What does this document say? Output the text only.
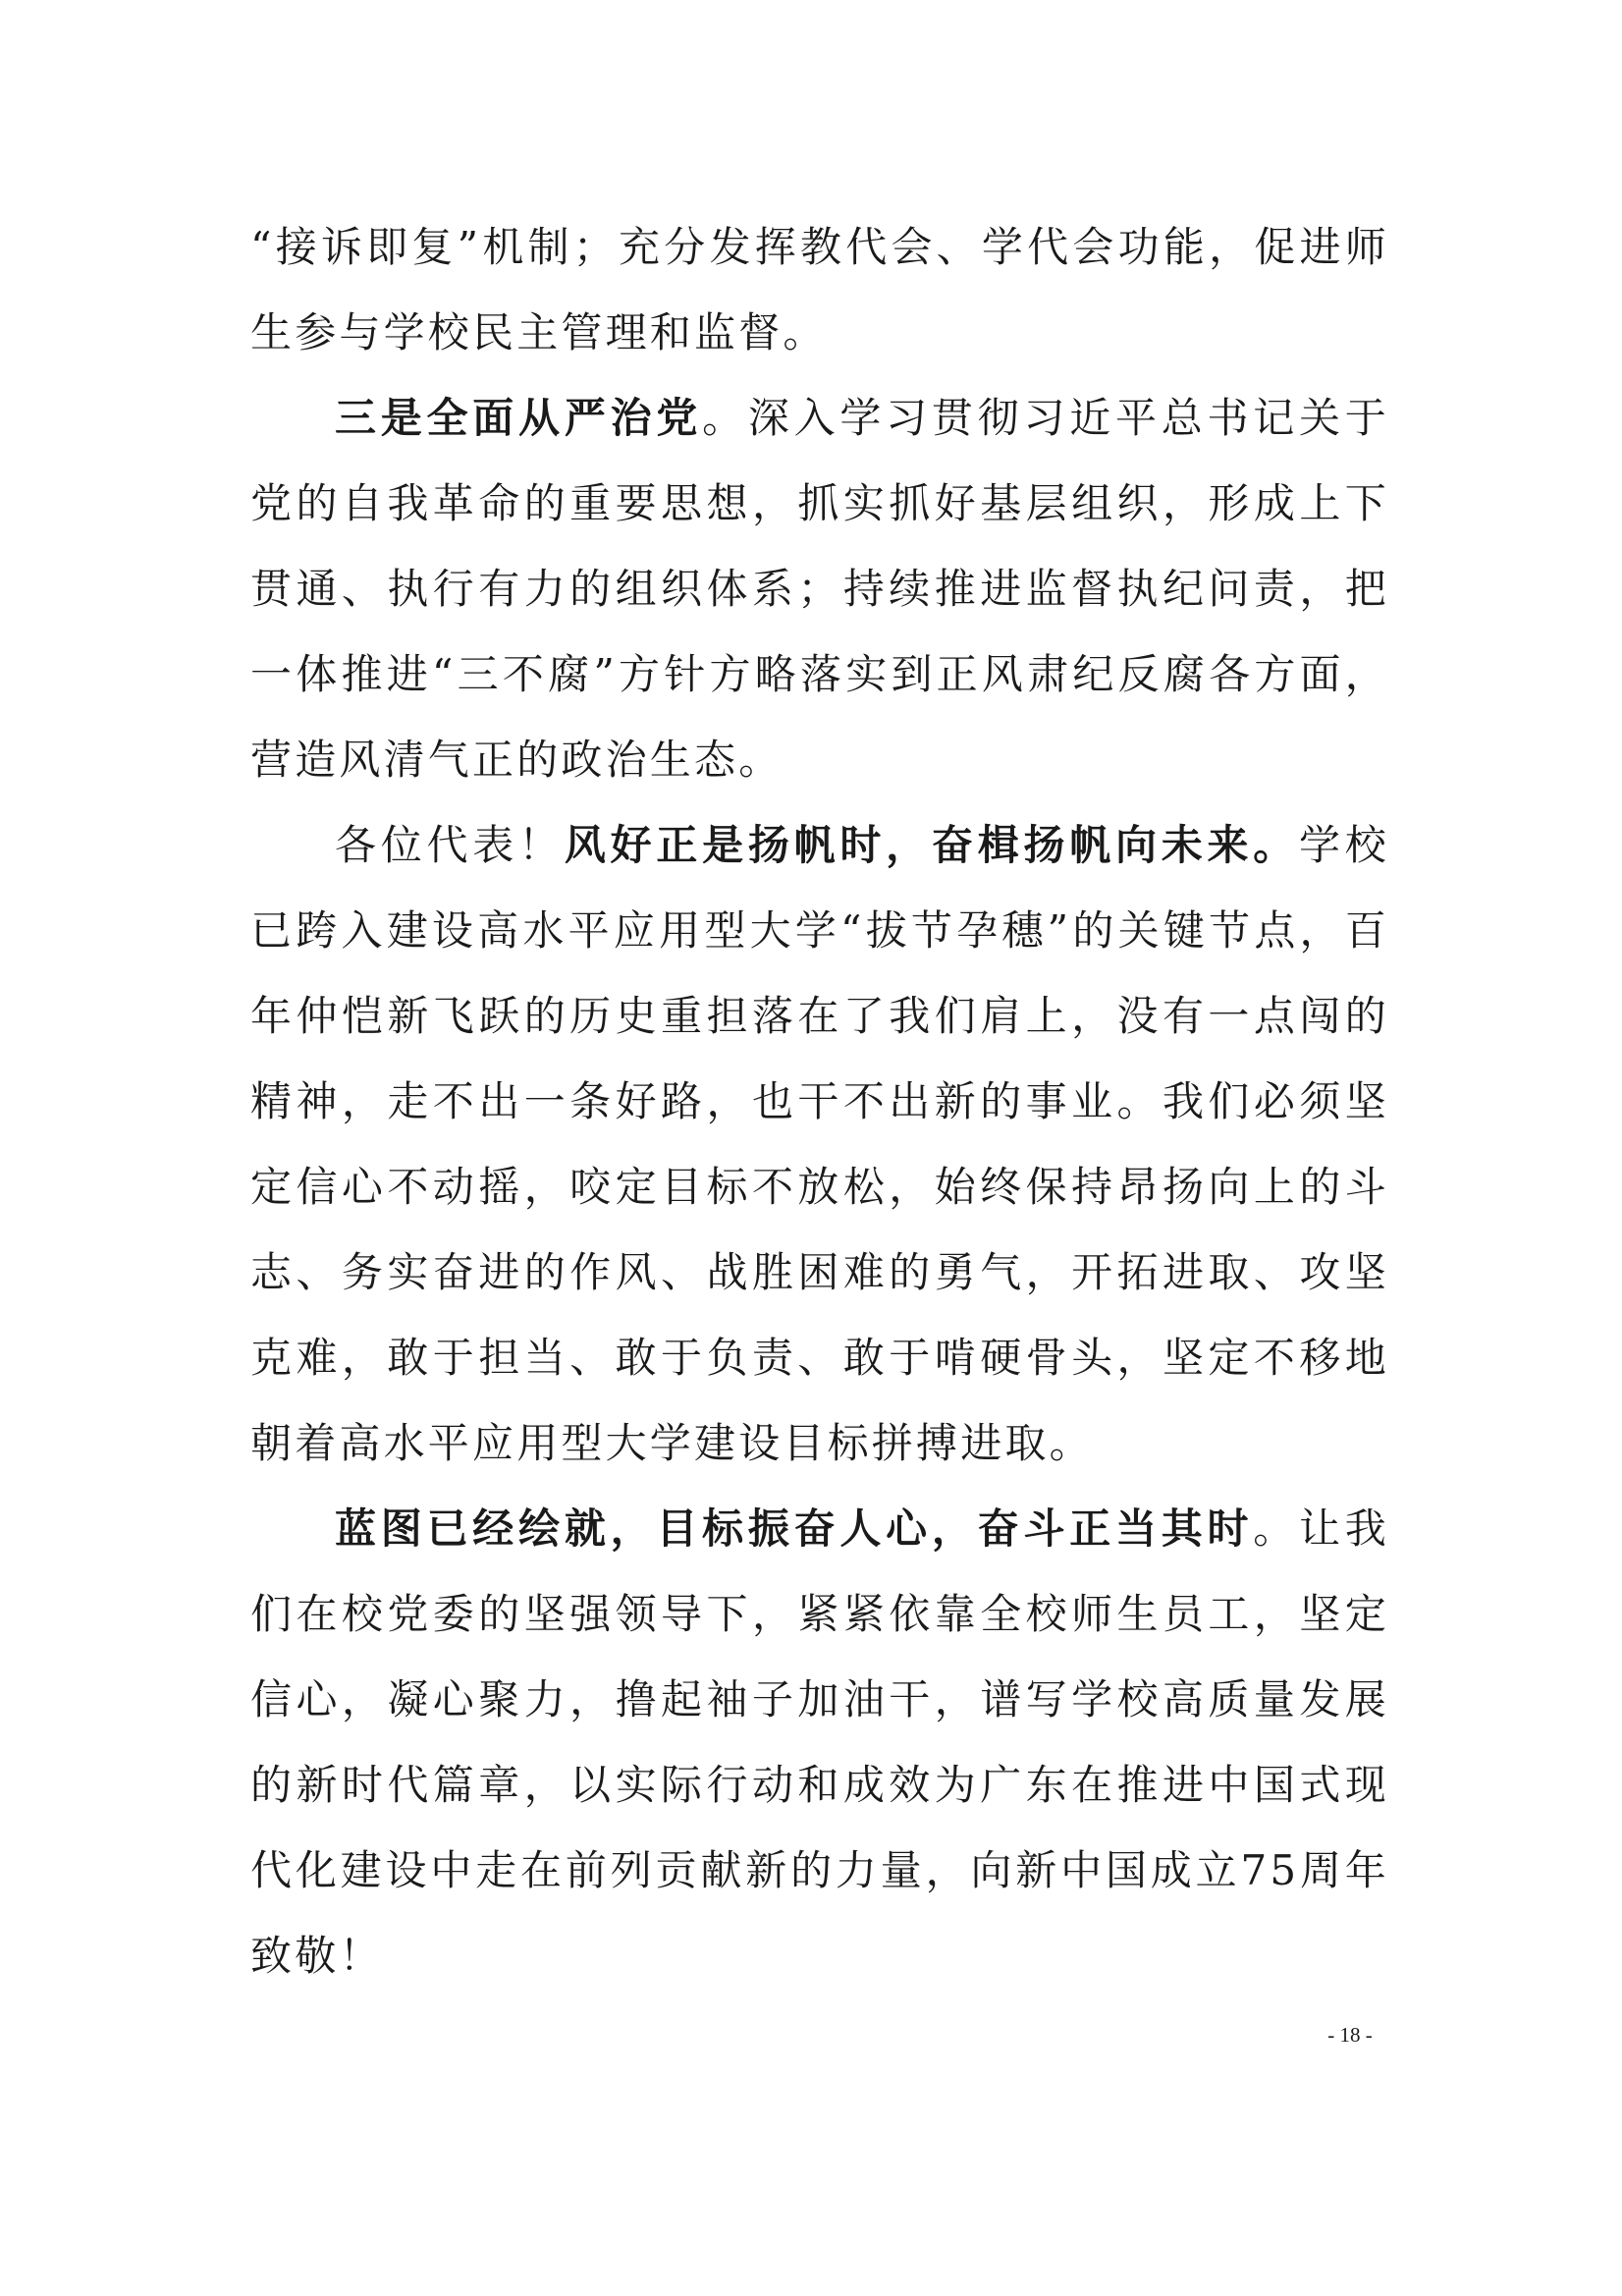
“接诉即复”机制；充分发挥教代会、学代会功能，促进师生参与学校民主管理和监督。

三是全面从严治党。深入学习贯彻习近平总书记关于党的自我革命的重要思想，抓实抓好基层组织，形成上下贯通、执行有力的组织体系；持续推进监督执纪问责，把一体推进“三不腐”方针方略落实到正风肃纪反腐各方面，营造风清气正的政治生态。

各位代表！风好正是扬帆时，奋楫扬帆向未来。学校已跨入建设高水平应用型大学“拔节孕穗”的关键节点，百年仲恺新飞跃的历史重担落在了我们肩上，没有一点闯的精神，走不出一条好路，也干不出新的事业。我们必须坚定信心不动摇，咬定目标不放松，始终保持昂扬向上的斗志、务实奋进的作风、战胜困难的勇气，开拓进取、攻坚克难，敢于担当、敢于负责、敢于啃硬骨头，坚定不移地朝着高水平应用型大学建设目标拼搏进取。

蓝图已经绘就，目标振奋人心，奋斗正当其时。让我们在校党委的坚强领导下，紧紧依靠全校师生员工，坚定信心，凝心聚力，撸起袖子加油干，谱写学校高质量发展的新时代篇章，以实际行动和成效为广东在推进中国式现代化建设中走在前列贡献新的力量，向新中国成立75周年致敬！

- 18 -
